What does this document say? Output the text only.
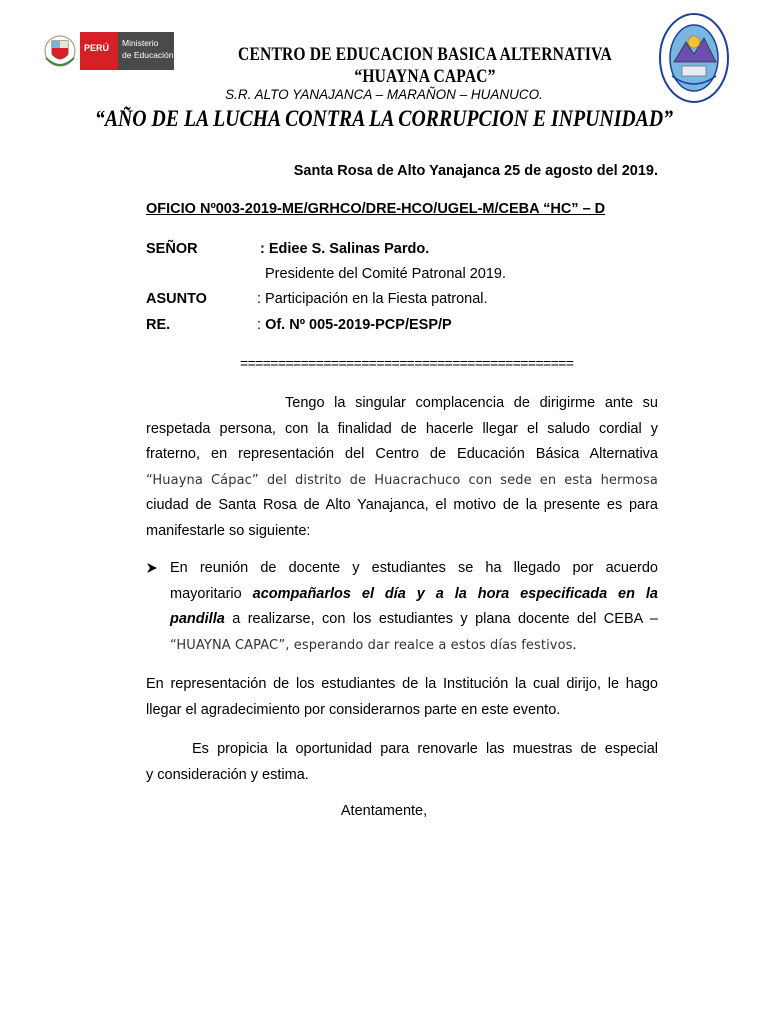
PERÚ Ministerio
de Educación	CENTRO DE EDUCACION BASICA ALTERNATIVA “HUAYNA CAPAC”
S.R. ALTO YANAJANCA – MARAÑON – HUANUCO.
“AÑO DE LA LUCHA CONTRA LA CORRUPCION E INPUNIDAD”
Santa Rosa de Alto Yanajanca 25 de agosto del 2019.
OFICIO Nº003-2019-ME/GRHCO/DRE-HCO/UGEL-M/CEBA “HC” – D
SEÑOR	: Ediee S. Salinas Pardo.
Presidente del Comité Patronal 2019.
ASUNTO	: Participación en la Fiesta patronal.
RE.	: Of. Nº 005-2019-PCP/ESP/P
============================================
Tengo la singular complacencia de dirigirme ante su
respetada persona, con la finalidad de hacerle llegar el saludo cordial y
fraterno, en representación del Centro de Educación Básica Alternativa
“Huayna Cápac” del distrito de Huacrachuco con sede en esta hermosa
ciudad de Santa Rosa de Alto Yanajanca, el motivo de la presente es para
manifestarle so siguiente:
En reunión de docente y estudiantes se ha llegado por acuerdo
mayoritario acompañarlos el día y a la hora especificada en la
pandilla a realizarse, con los estudiantes y plana docente del CEBA –
“HUAYNA CAPAC”, esperando dar realce a estos días festivos.
En representación de los estudiantes de la Institución la cual dirijo, le hago
llegar el agradecimiento por considerarnos parte en este evento.
Es propicia la oportunidad para renovarle las muestras de especial
y consideración y estima.
Atentamente,
